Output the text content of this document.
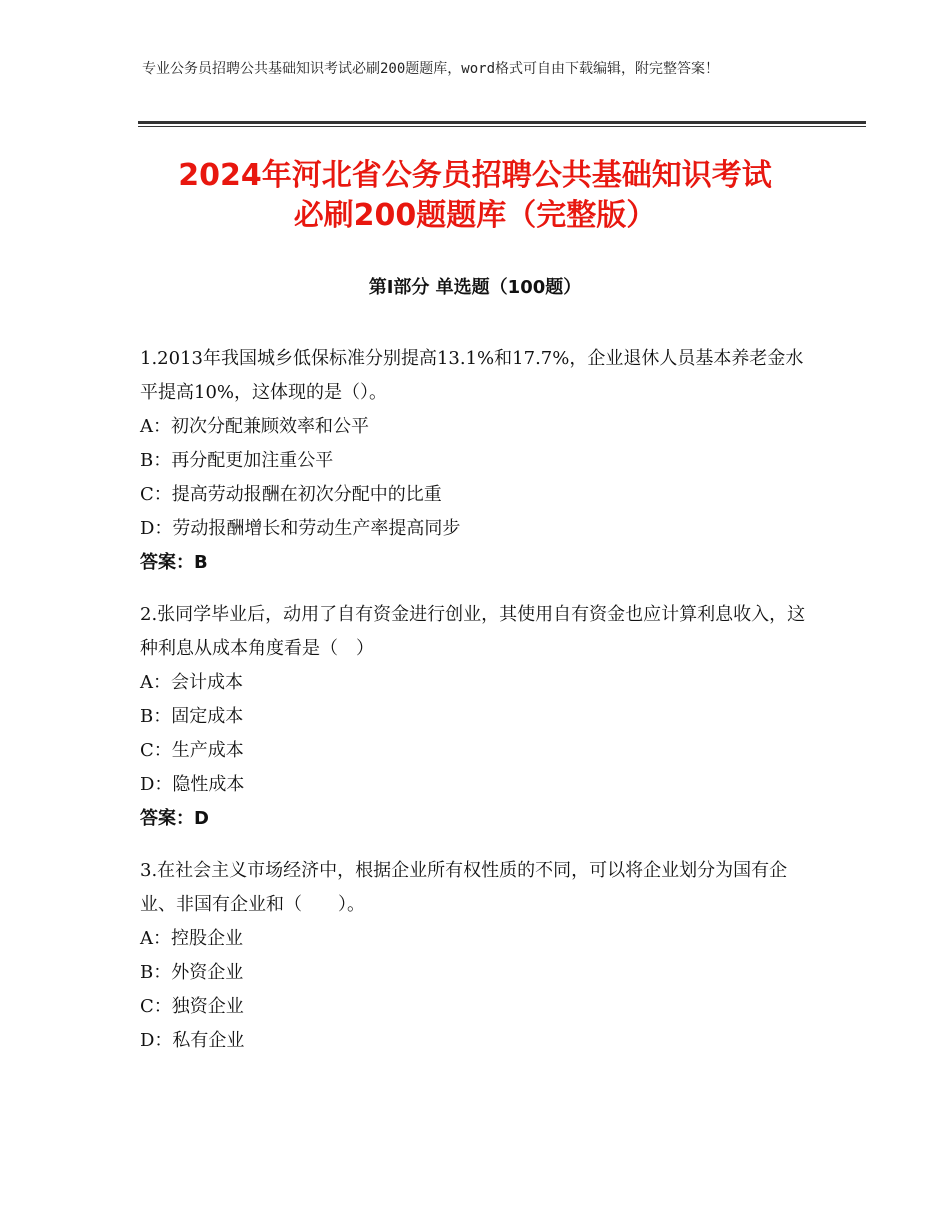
专业公务员招聘公共基础知识考试必刷200题题库，word格式可自由下载编辑，附完整答案！
2024年河北省公务员招聘公共基础知识考试
必刷200题题库（完整版）
第Ⅰ部分 单选题（100题）

1.2013年我国城乡低保标准分别提高13.1%和17.7%，企业退休人员基本养老金水平提高10%，这体现的是（）。

A：初次分配兼顾效率和公平

B：再分配更加注重公平

C：提高劳动报酬在初次分配中的比重

D：劳动报酬增长和劳动生产率提高同步

答案：B

2.张同学毕业后，动用了自有资金进行创业，其使用自有资金也应计算利息收入，这种利息从成本角度看是（　）

A：会计成本

B：固定成本

C：生产成本

D：隐性成本

答案：D

3.在社会主义市场经济中，根据企业所有权性质的不同，可以将企业划分为国有企业、非国有企业和（　　）。

A：控股企业

B：外资企业

C：独资企业

D：私有企业
